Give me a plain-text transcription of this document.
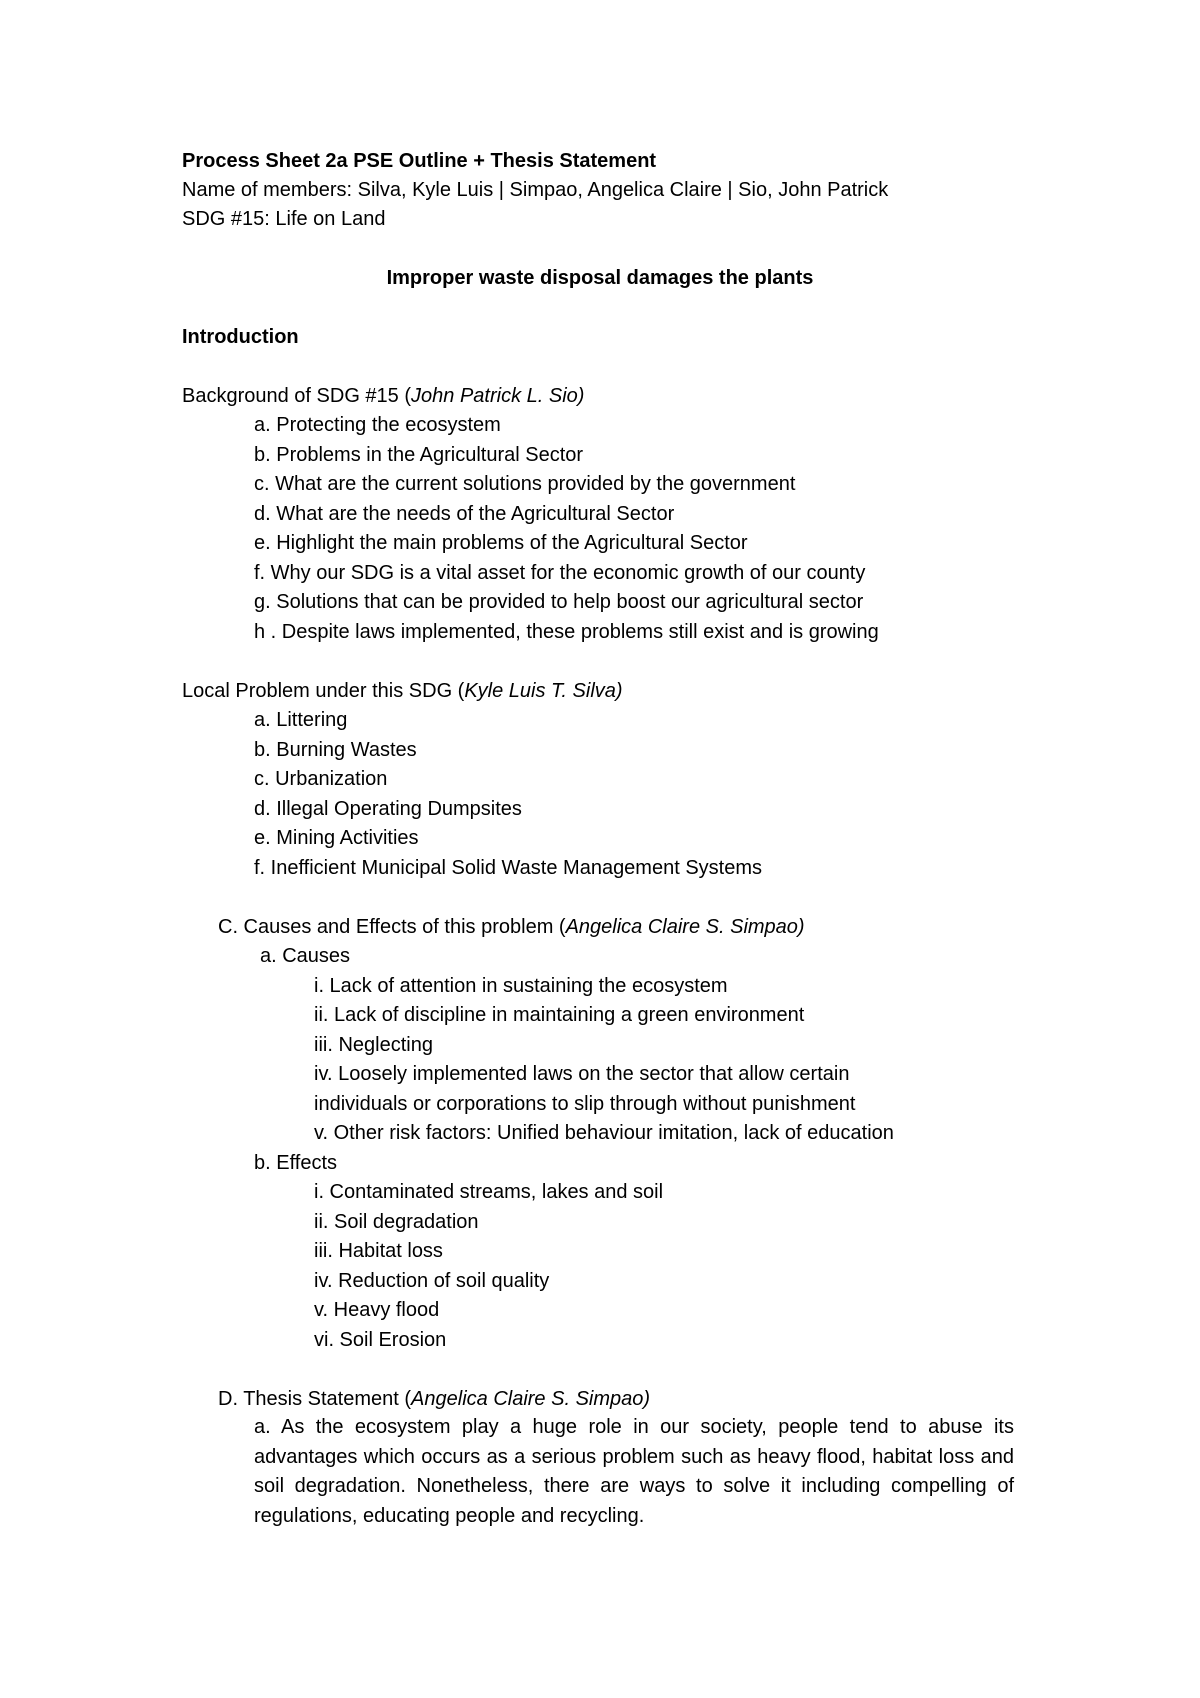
Process Sheet 2a PSE Outline + Thesis Statement
Name of members: Silva, Kyle Luis | Simpao, Angelica Claire | Sio, John Patrick
SDG #15: Life on Land
Improper waste disposal damages the plants
Introduction
Background of SDG #15 (John Patrick L. Sio)
a. Protecting the ecosystem
b. Problems in the Agricultural Sector
c. What are the current solutions provided by the government
d. What are the needs of the Agricultural Sector
e. Highlight the main problems of the Agricultural Sector
f. Why our SDG is a vital asset for the economic growth of our county
g. Solutions that can be provided to help boost our agricultural sector
h . Despite laws implemented, these problems still exist and is growing
Local Problem under this SDG (Kyle Luis T. Silva)
a. Littering
b. Burning Wastes
c. Urbanization
d. Illegal Operating Dumpsites
e. Mining Activities
f. Inefficient Municipal Solid Waste Management Systems
C. Causes and Effects of this problem (Angelica Claire S. Simpao)
a. Causes
i. Lack of attention in sustaining the ecosystem
ii. Lack of discipline in maintaining a green environment
iii. Neglecting
iv. Loosely implemented laws on the sector that allow certain
individuals or corporations to slip through without punishment
v. Other risk factors: Unified behaviour imitation, lack of education
b. Effects
i. Contaminated streams, lakes and soil
ii. Soil degradation
iii. Habitat loss
iv. Reduction of soil quality
v. Heavy flood
vi. Soil Erosion
D. Thesis Statement (Angelica Claire S. Simpao)
a. As the ecosystem play a huge role in our society, people tend to abuse its advantages which occurs as a serious problem such as heavy flood, habitat loss and soil degradation. Nonetheless, there are ways to solve it including compelling of regulations, educating people and recycling.
